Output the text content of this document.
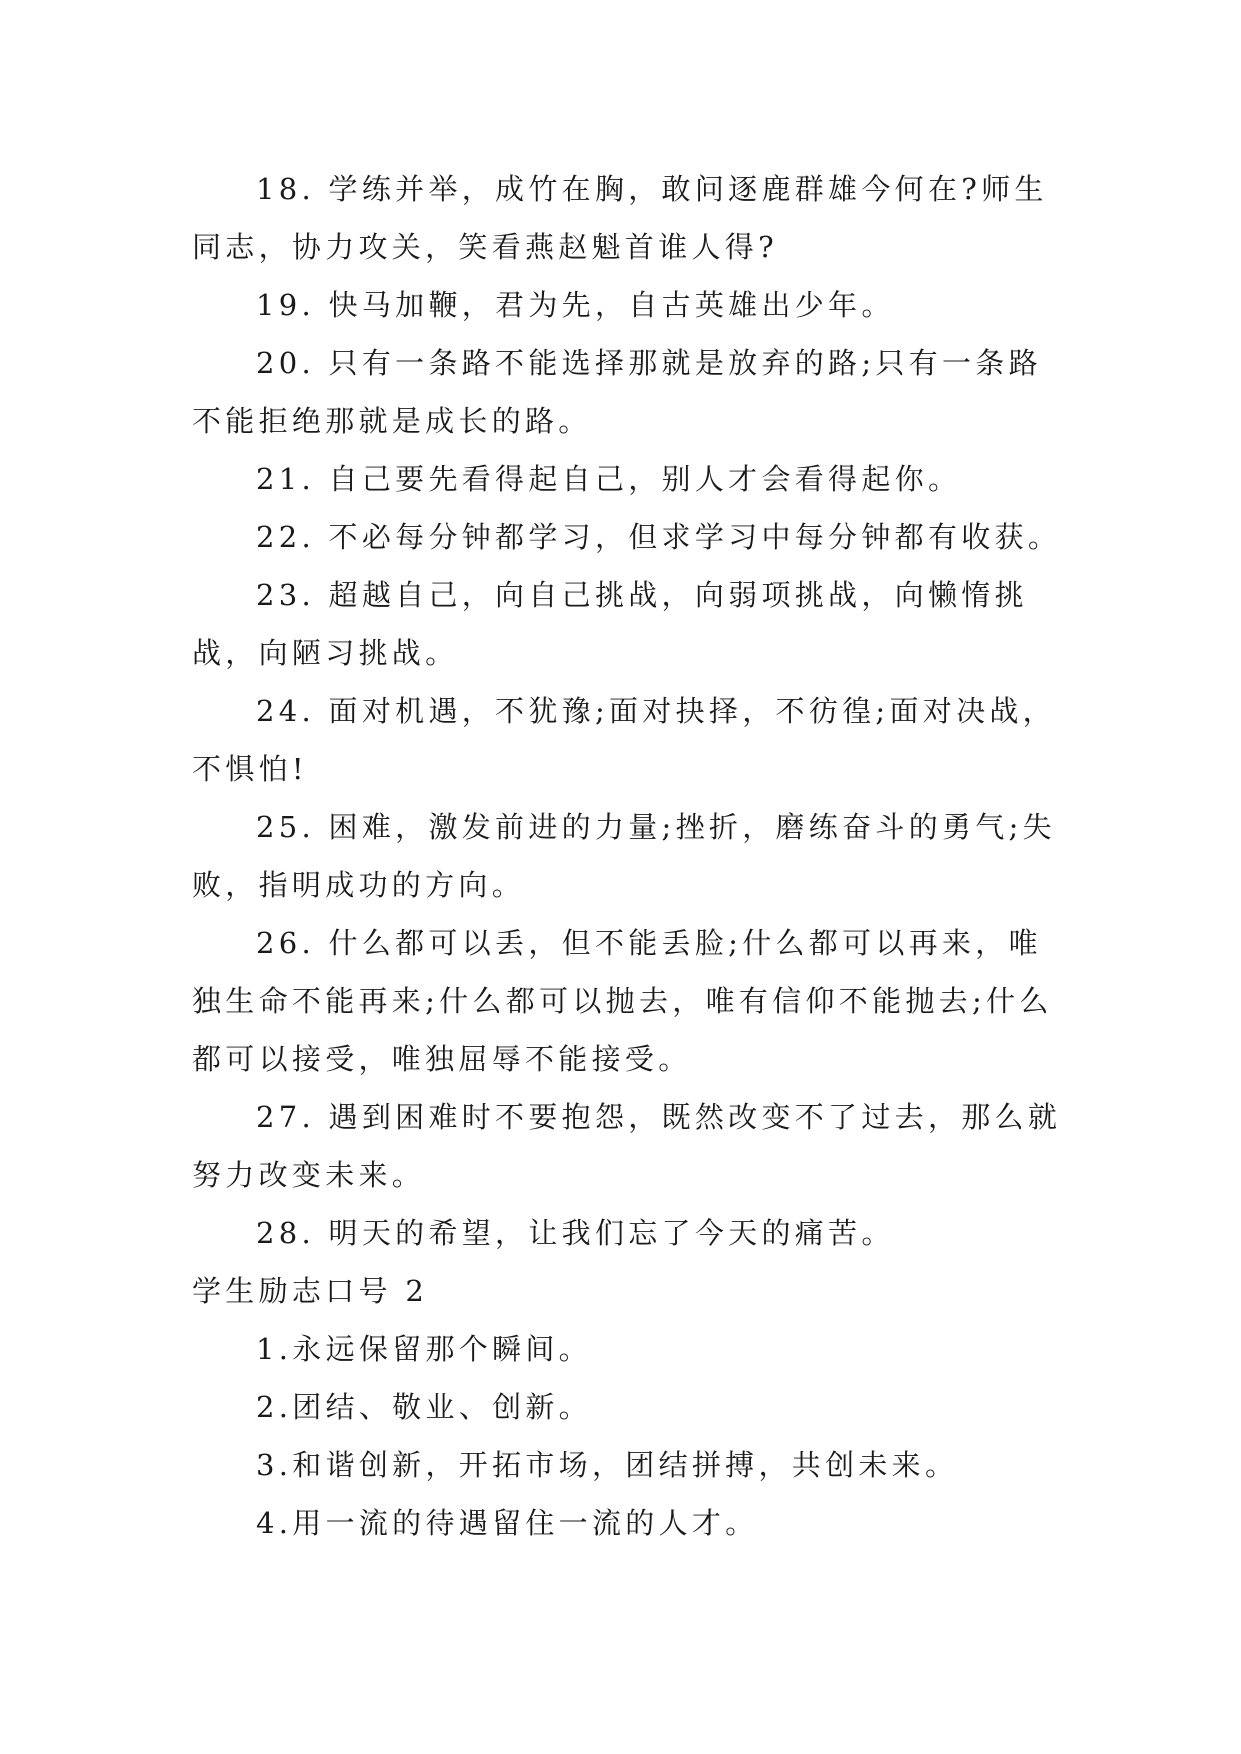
18. 学练并举，成竹在胸，敢问逐鹿群雄今何在?师生同志，协力攻关，笑看燕赵魁首谁人得?

19. 快马加鞭，君为先，自古英雄出少年。

20. 只有一条路不能选择那就是放弃的路;只有一条路不能拒绝那就是成长的路。

21. 自己要先看得起自己，别人才会看得起你。

22. 不必每分钟都学习，但求学习中每分钟都有收获。

23. 超越自己，向自己挑战，向弱项挑战，向懒惰挑战，向陋习挑战。

24. 面对机遇，不犹豫;面对抉择，不彷徨;面对决战，不惧怕!

25. 困难，激发前进的力量;挫折，磨练奋斗的勇气;失败，指明成功的方向。

26. 什么都可以丢，但不能丢脸;什么都可以再来，唯独生命不能再来;什么都可以抛去，唯有信仰不能抛去;什么都可以接受，唯独屈辱不能接受。

27. 遇到困难时不要抱怨，既然改变不了过去，那么就努力改变未来。

28. 明天的希望，让我们忘了今天的痛苦。

学生励志口号 2

1.永远保留那个瞬间。

2.团结、敬业、创新。

3.和谐创新，开拓市场，团结拼搏，共创未来。

4.用一流的待遇留住一流的人才。
